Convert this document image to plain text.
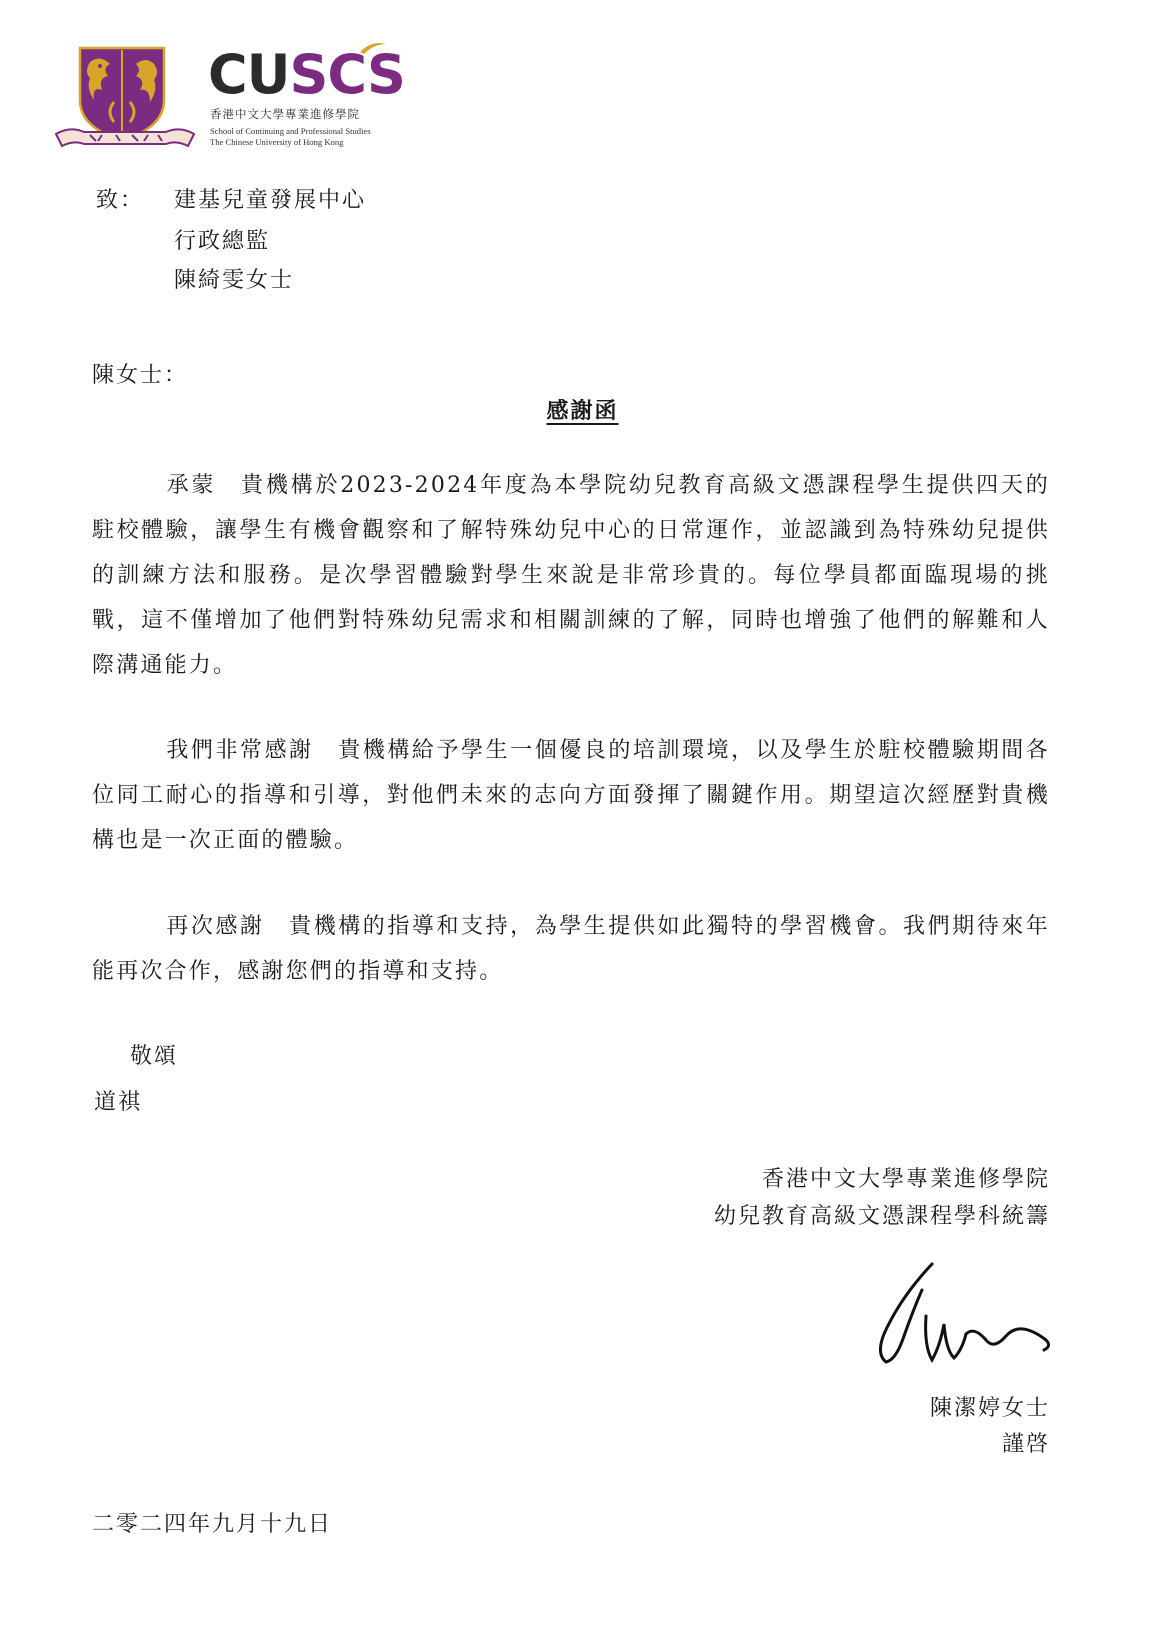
CU SCS
香港中文大學專業進修學院
School of Continuing and Professional Studies
The Chinese University of Hong Kong
致： 建基兒童發展中心
行政總監
陳綺雯女士
陳女士：
感謝函
承蒙　貴機構於2023-2024年度為本學院幼兒教育高級文憑課程學生提供四天的駐校體驗，讓學生有機會觀察和了解特殊幼兒中心的日常運作，並認識到為特殊幼兒提供的訓練方法和服務。是次學習體驗對學生來說是非常珍貴的。每位學員都面臨現場的挑戰，這不僅增加了他們對特殊幼兒需求和相關訓練的了解，同時也增強了他們的解難和人際溝通能力。
我們非常感謝　貴機構給予學生一個優良的培訓環境，以及學生於駐校體驗期間各位同工耐心的指導和引導，對他們未來的志向方面發揮了關鍵作用。期望這次經歷對貴機構也是一次正面的體驗。
再次感謝　貴機構的指導和支持，為學生提供如此獨特的學習機會。我們期待來年能再次合作，感謝您們的指導和支持。
敬頌
道祺
香港中文大學專業進修學院
幼兒教育高級文憑課程學科統籌
陳潔婷女士
謹啓
二零二四年九月十九日
